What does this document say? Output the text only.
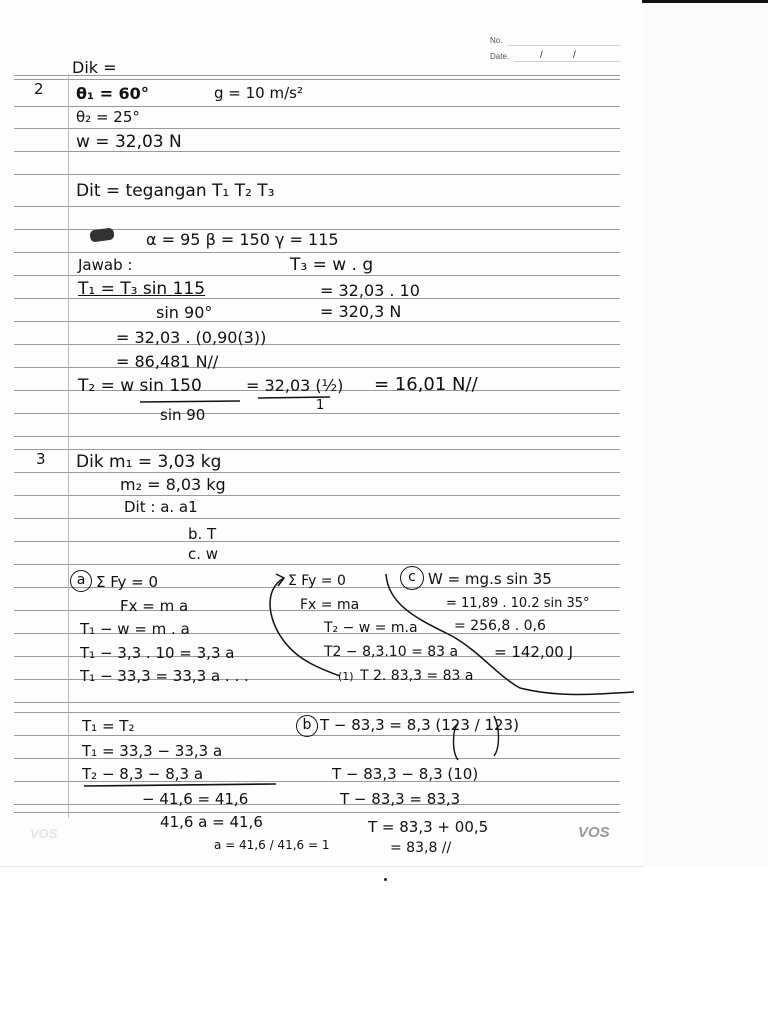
No.
Date.	/	/
2
Dik =
θ₁ = 60°	g = 10 m/s²
θ₂ = 25°
w = 32,03 N
Dit = tegangan T₁ T₂ T₃
α = 95 β = 150 γ = 115
Jawab :	T₃ = w . g
T₁ = T₃ sin 115	= 32,03 . 10
sin 90°	= 320,3 N
= 32,03 . (0,90(3))
= 86,481 N//
T₂ = w sin 150	= 32,03 (½) = 16,01 N//
sin 90
1
3 Dik m₁ = 3,03 kg
m₂ = 8,03 kg
Dit : a. a1
b. T
c. w
a Σ Fy = 0
Fx = m a
T₁ − w = m . a
T₁ − 3,3 . 10 = 3,3 a
T₁ − 33,3 = 33,3 a . . .	(1)
Σ Fy = 0
Fx = ma
T₂ − w = m.a
T2 − 8,3.10 = 83 a
T 2. 83,3 = 83 a
c W = mg.s sin 35
= 11,89 . 10.2 sin 35°
= 256,8 . 0,6
= 142,00 J
T₁ = T₂
T₁ = 33,3 − 33,3 a
T₂ − 8,3 − 8,3 a
− 41,6 = 41,6
41,6 a = 41,6
a = 41,6 / 41,6 = 1
b T − 83,3 = 8,3 (123 / 123)
T − 83,3 − 8,3 (10)
T − 83,3 = 83,3
T = 83,3 + 00,5
= 83,8 //
VOS	VOS
